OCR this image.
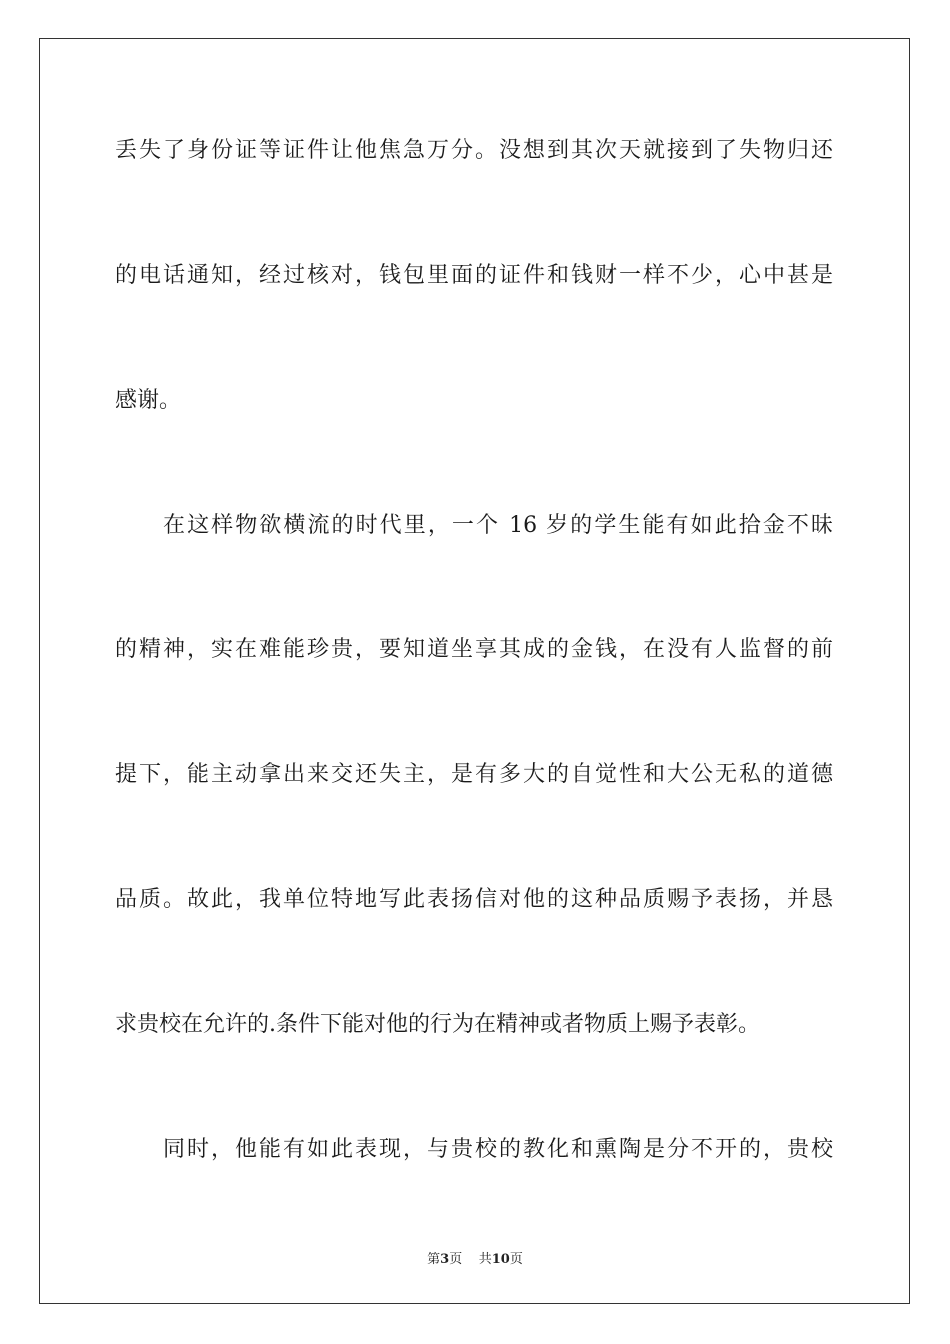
丢失了身份证等证件让他焦急万分。没想到其次天就接到了失物归还
的电话通知，经过核对，钱包里面的证件和钱财一样不少，心中甚是
感谢。
在这样物欲横流的时代里，一个 16 岁的学生能有如此拾金不昧
的精神，实在难能珍贵，要知道坐享其成的金钱，在没有人监督的前
提下，能主动拿出来交还失主，是有多大的自觉性和大公无私的道德
品质。故此，我单位特地写此表扬信对他的这种品质赐予表扬，并恳
求贵校在允许的.条件下能对他的行为在精神或者物质上赐予表彰。
同时，他能有如此表现，与贵校的教化和熏陶是分不开的，贵校
第3页 共10页
